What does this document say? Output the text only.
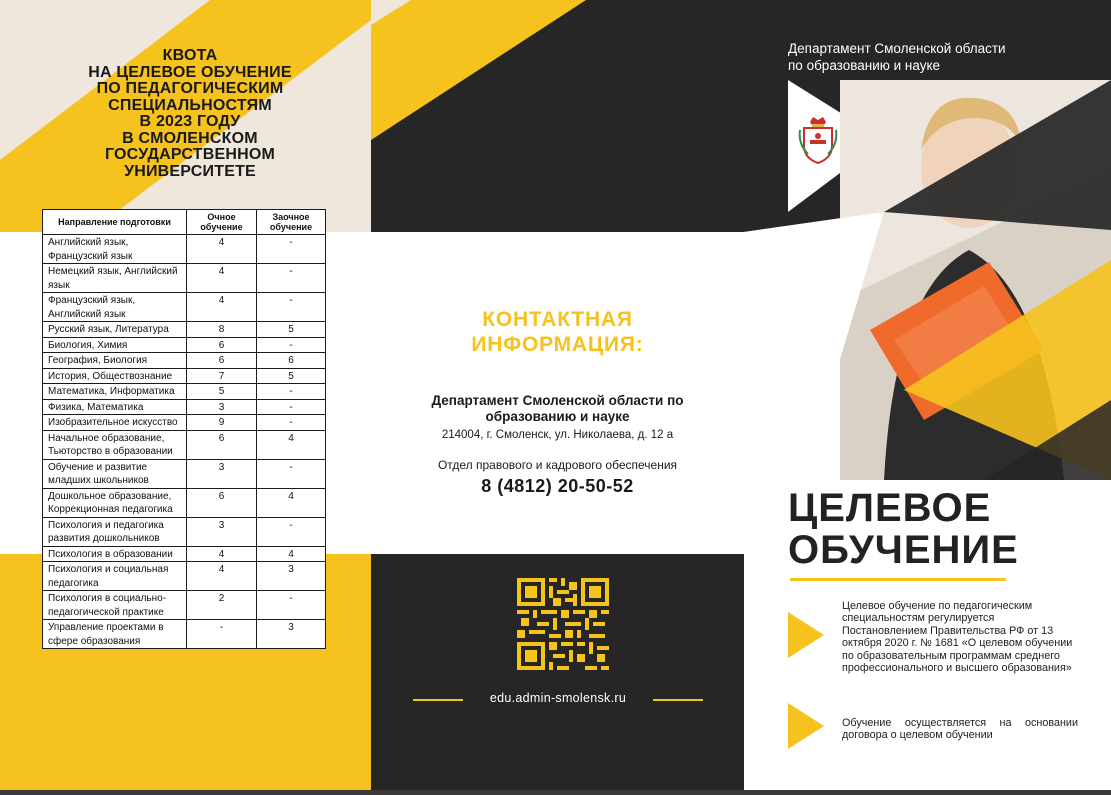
КВОТА
НА ЦЕЛЕВОЕ ОБУЧЕНИЕ
ПО ПЕДАГОГИЧЕСКИМ
СПЕЦИАЛЬНОСТЯМ
В 2023 ГОДУ
В СМОЛЕНСКОМ
ГОСУДАРСТВЕННОМ
УНИВЕРСИТЕТЕ
Направление подготовки	Очное обучение	Заочное обучение
Английский язык, Французский язык	4	-
Немецкий язык, Английский язык	4	-
Французский язык, Английский язык	4	-
Русский язык, Литература	8	5
Биология, Химия	6	-
География, Биология	6	6
История, Обществознание	7	5
Математика, Информатика	5	-
Физика, Математика	3	-
Изобразительное искусство	9	-
Начальное образование, Тьюторство в образовании	6	4
Обучение и развитие младших школьников	3	-
Дошкольное образование, Коррекционная педагогика	6	4
Психология и педагогика развития дошкольников	3	-
Психология в образовании	4	4
Психология и социальная педагогика	4	3
Психология в социально-педагогической практике	2	-
Управление проектами в сфере образования	-	3
КОНТАКТНАЯ
ИНФОРМАЦИЯ:
Департамент Смоленской области по
образованию и науке
214004, г. Смоленск, ул. Николаева, д. 12 а
Отдел правового и кадрового обеспечения
8 (4812) 20-50-52
edu.admin-smolensk.ru
Департамент Смоленской области
по образованию и науке
ЦЕЛЕВОЕ
ОБУЧЕНИЕ
Целевое обучение по педагогическим специальностям регулируется Постановлением Правительства РФ от 13 октября 2020 г. № 1681 «О целевом обучении по образовательным программам среднего профессионального и высшего образования»
Обучение осуществляется на основании договора о целевом обучении
